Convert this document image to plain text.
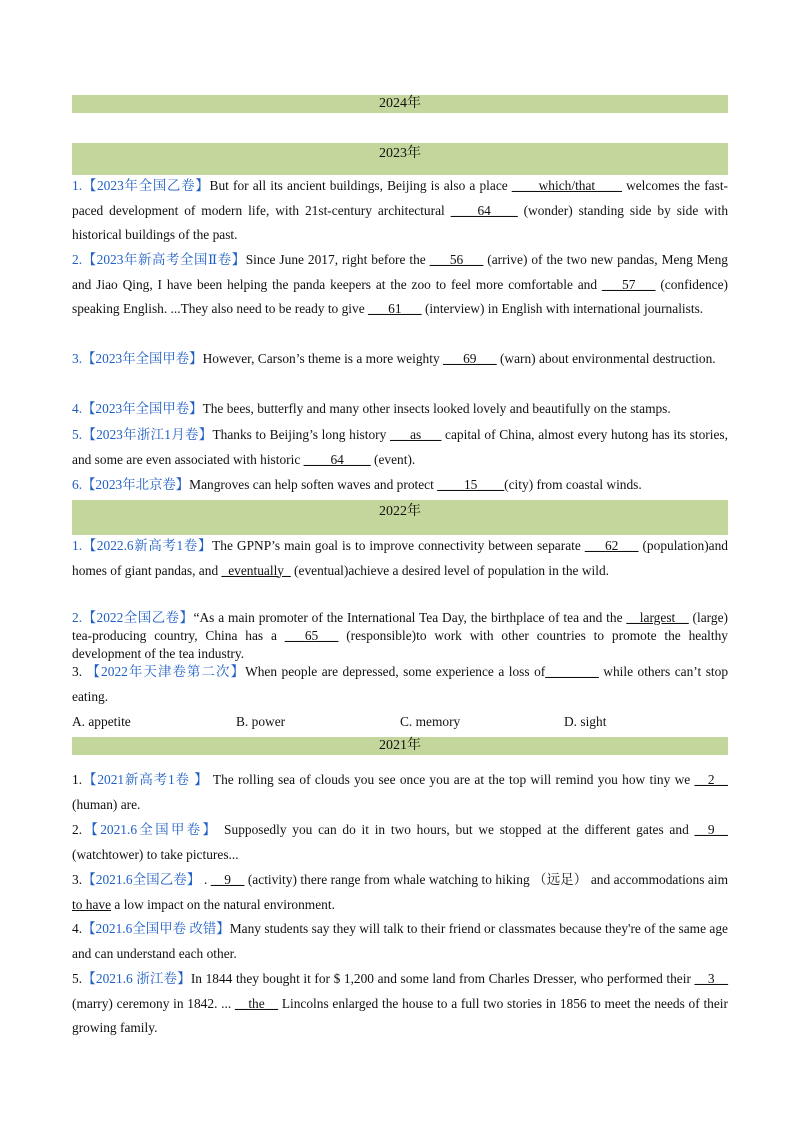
2024年
2023年
1.【2023年全国乙卷】But for all its ancient buildings, Beijing is also a place ____which/that____ welcomes the fast-paced development of modern life, with 21st-century architectural ____64____ (wonder) standing side by side with historical buildings of the past.
2.【2023年新高考全国Ⅱ卷】Since June 2017, right before the ___56___ (arrive) of the two new pandas, Meng Meng and Jiao Qing, I have been helping the panda keepers at the zoo to feel more comfortable and ___57___ (confidence) speaking English. ...They also need to be ready to give ___61___ (interview) in English with international journalists.
3.【2023年全国甲卷】However, Carson’s theme is a more weighty ___69___ (warn) about environmental destruction.
4.【2023年全国甲卷】The bees, butterfly and many other insects looked lovely and beautifully on the stamps.
5.【2023年浙江1月卷】Thanks to Beijing’s long history ___as___ capital of China, almost every hutong has its stories, and some are even associated with historic ____64____ (event).
6.【2023年北京卷】Mangroves can help soften waves and protect ____15____(city) from coastal winds.
2022年
1.【2022.6新高考1卷】The GPNP’s main goal is to improve connectivity between separate ___62___ (population)and homes of giant pandas, and _eventually_ (eventual)achieve a desired level of population in the wild.
2.【2022全国乙卷】“As a main promoter of the International Tea Day, the birthplace of tea and the __largest__ (large) tea-producing country, China has a ___65___ (responsible)to work with other countries to promote the healthy development of the tea industry.
3. 【2022年天津卷第二次】When people are depressed, some experience a loss of________ while others can’t stop eating.
A. appetite	B. power	C. memory	D. sight
2021年
1.【2021新高考1卷 】 The rolling sea of clouds you see once you are at the top will remind you how tiny we __2__ (human) are.
2.【2021.6全国甲卷】 Supposedly you can do it in two hours, but we stopped at the different gates and __9__ (watchtower) to take pictures...
3.【2021.6全国乙卷】 . __9__ (activity) there range from whale watching to hiking （远足） and accommodations aim to have a low impact on the natural environment.
4.【2021.6全国甲卷 改错】Many students say they will talk to their friend or classmates because they're of the same age and can understand each other.
5.【2021.6 浙江卷】In 1844 they bought it for $ 1,200 and some land from Charles Dresser, who performed their __3__ (marry) ceremony in 1842. ... __the__ Lincolns enlarged the house to a full two stories in 1856 to meet the needs of their growing family.
